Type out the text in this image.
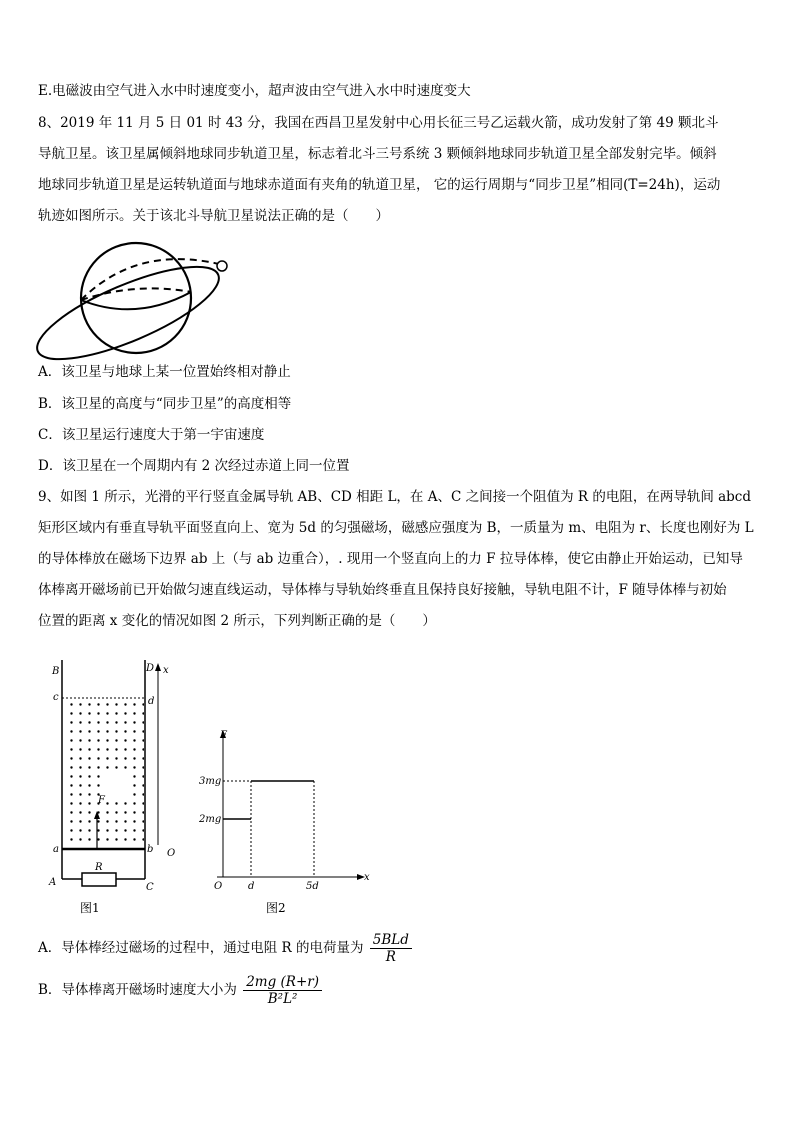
E.电磁波由空气进入水中时速度变小，超声波由空气进入水中时速度变大
8、2019 年 11 月 5 日 01 时 43 分，我国在西昌卫星发射中心用长征三号乙运载火箭，成功发射了第 49 颗北斗
导航卫星。该卫星属倾斜地球同步轨道卫星，标志着北斗三号系统 3 颗倾斜地球同步轨道卫星全部发射完毕。倾斜
地球同步轨道卫星是运转轨道面与地球赤道面有夹角的轨道卫星， 它的运行周期与“同步卫星”相同(T=24h)，运动
轨迹如图所示。关于该北斗导航卫星说法正确的是（　　）
A．该卫星与地球上某一位置始终相对静止
B．该卫星的高度与“同步卫星”的高度相等
C．该卫星运行速度大于第一宇宙速度
D．该卫星在一个周期内有 2 次经过赤道上同一位置
9、如图 1 所示，光滑的平行竖直金属导轨 AB、CD 相距 L，在 A、C 之间接一个阻值为 R 的电阻，在两导轨间 abcd
矩形区域内有垂直导轨平面竖直向上、宽为 5d 的匀强磁场，磁感应强度为 B，一质量为 m、电阻为 r、长度也刚好为 L
的导体棒放在磁场下边界 ab 上（与 ab 边重合），. 现用一个竖直向上的力 F 拉导体棒，使它由静止开始运动，已知导
体棒离开磁场前已开始做匀速直线运动，导体棒与导轨始终垂直且保持良好接触，导轨电阻不计，F 随导体棒与初始
位置的距离 x 变化的情况如图 2 所示，下列判断正确的是（　　）
B	D x
c	d
F
a	b O
R
A	C
图1
F
3mg
2mg
O	d	5d
x
图2
A．导体棒经过磁场的过程中，通过电阻 R 的电荷量为 $\frac{\text{5BLd}}{R}$
B．导体棒离开磁场时速度大小为 $\frac{2mg (R+r)}{\text{B²L²}}$
